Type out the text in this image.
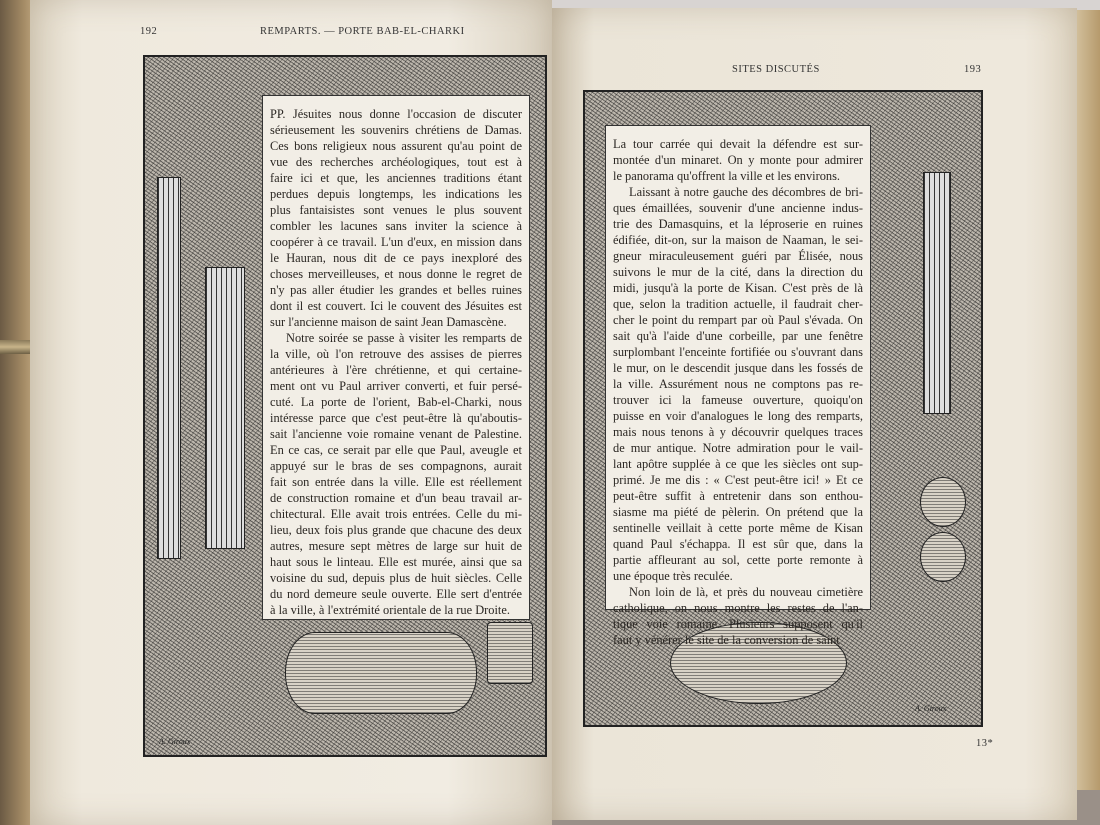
192	REMPARTS. — PORTE BAB-EL-CHARKI
A. Giroux
PP. Jésuites nous donne l'occasion de discuter
sérieusement les souvenirs chrétiens de Damas.
Ces bons religieux nous assurent qu'au point de
vue des recherches archéologiques, tout est à
faire ici et que, les anciennes traditions étant
perdues depuis longtemps, les indications les
plus fantaisistes sont venues le plus souvent
combler les lacunes sans inviter la science à
coopérer à ce travail. L'un d'eux, en mission dans
le Hauran, nous dit de ce pays inexploré des
choses merveilleuses, et nous donne le regret de
n'y pas aller étudier les grandes et belles ruines
dont il est couvert. Ici le couvent des Jésuites est
sur l'ancienne maison de saint Jean Damascène.
Notre soirée se passe à visiter les remparts de
la ville, où l'on retrouve des assises de pierres
antérieures à l'ère chrétienne, et qui certaine-
ment ont vu Paul arriver converti, et fuir persé-
cuté. La porte de l'orient, Bab-el-Charki, nous
intéresse parce que c'est peut-être là qu'aboutis-
sait l'ancienne voie romaine venant de Palestine.
En ce cas, ce serait par elle que Paul, aveugle et
appuyé sur le bras de ses compagnons, aurait
fait son entrée dans la ville. Elle est réellement
de construction romaine et d'un beau travail ar-
chitectural. Elle avait trois entrées. Celle du mi-
lieu, deux fois plus grande que chacune des deux
autres, mesure sept mètres de large sur huit de
haut sous le linteau. Elle est murée, ainsi que sa
voisine du sud, depuis plus de huit siècles. Celle
du nord demeure seule ouverte. Elle sert d'entrée
à la ville, à l'extrémité orientale de la rue Droite.
SITES DISCUTÉS	193
A. Giroux
La tour carrée qui devait la défendre est sur-
montée d'un minaret. On y monte pour admirer
le panorama qu'offrent la ville et les environs.
Laissant à notre gauche des décombres de bri-
ques émaillées, souvenir d'une ancienne indus-
trie des Damasquins, et la léproserie en ruines
édifiée, dit-on, sur la maison de Naaman, le sei-
gneur miraculeusement guéri par Élisée, nous
suivons le mur de la cité, dans la direction du
midi, jusqu'à la porte de Kisan. C'est près de là
que, selon la tradition actuelle, il faudrait cher-
cher le point du rempart par où Paul s'évada. On
sait qu'à l'aide d'une corbeille, par une fenêtre
surplombant l'enceinte fortifiée ou s'ouvrant dans
le mur, on le descendit jusque dans les fossés de
la ville. Assurément nous ne comptons pas re-
trouver ici la fameuse ouverture, quoiqu'on
puisse en voir d'analogues le long des remparts,
mais nous tenons à y découvrir quelques traces
de mur antique. Notre admiration pour le vail-
lant apôtre supplée à ce que les siècles ont sup-
primé. Je me dis : « C'est peut-être ici! » Et ce
peut-être suffit à entretenir dans son enthou-
siasme ma piété de pèlerin. On prétend que la
sentinelle veillait à cette porte même de Kisan
quand Paul s'échappa. Il est sûr que, dans la
partie affleurant au sol, cette porte remonte à
une époque très reculée.
Non loin de là, et près du nouveau cimetière
catholique, on nous montre les restes de l'an-
tique voie romaine. Plusieurs supposent qu'il
faut y vénérer le site de la conversion de saint
13*
